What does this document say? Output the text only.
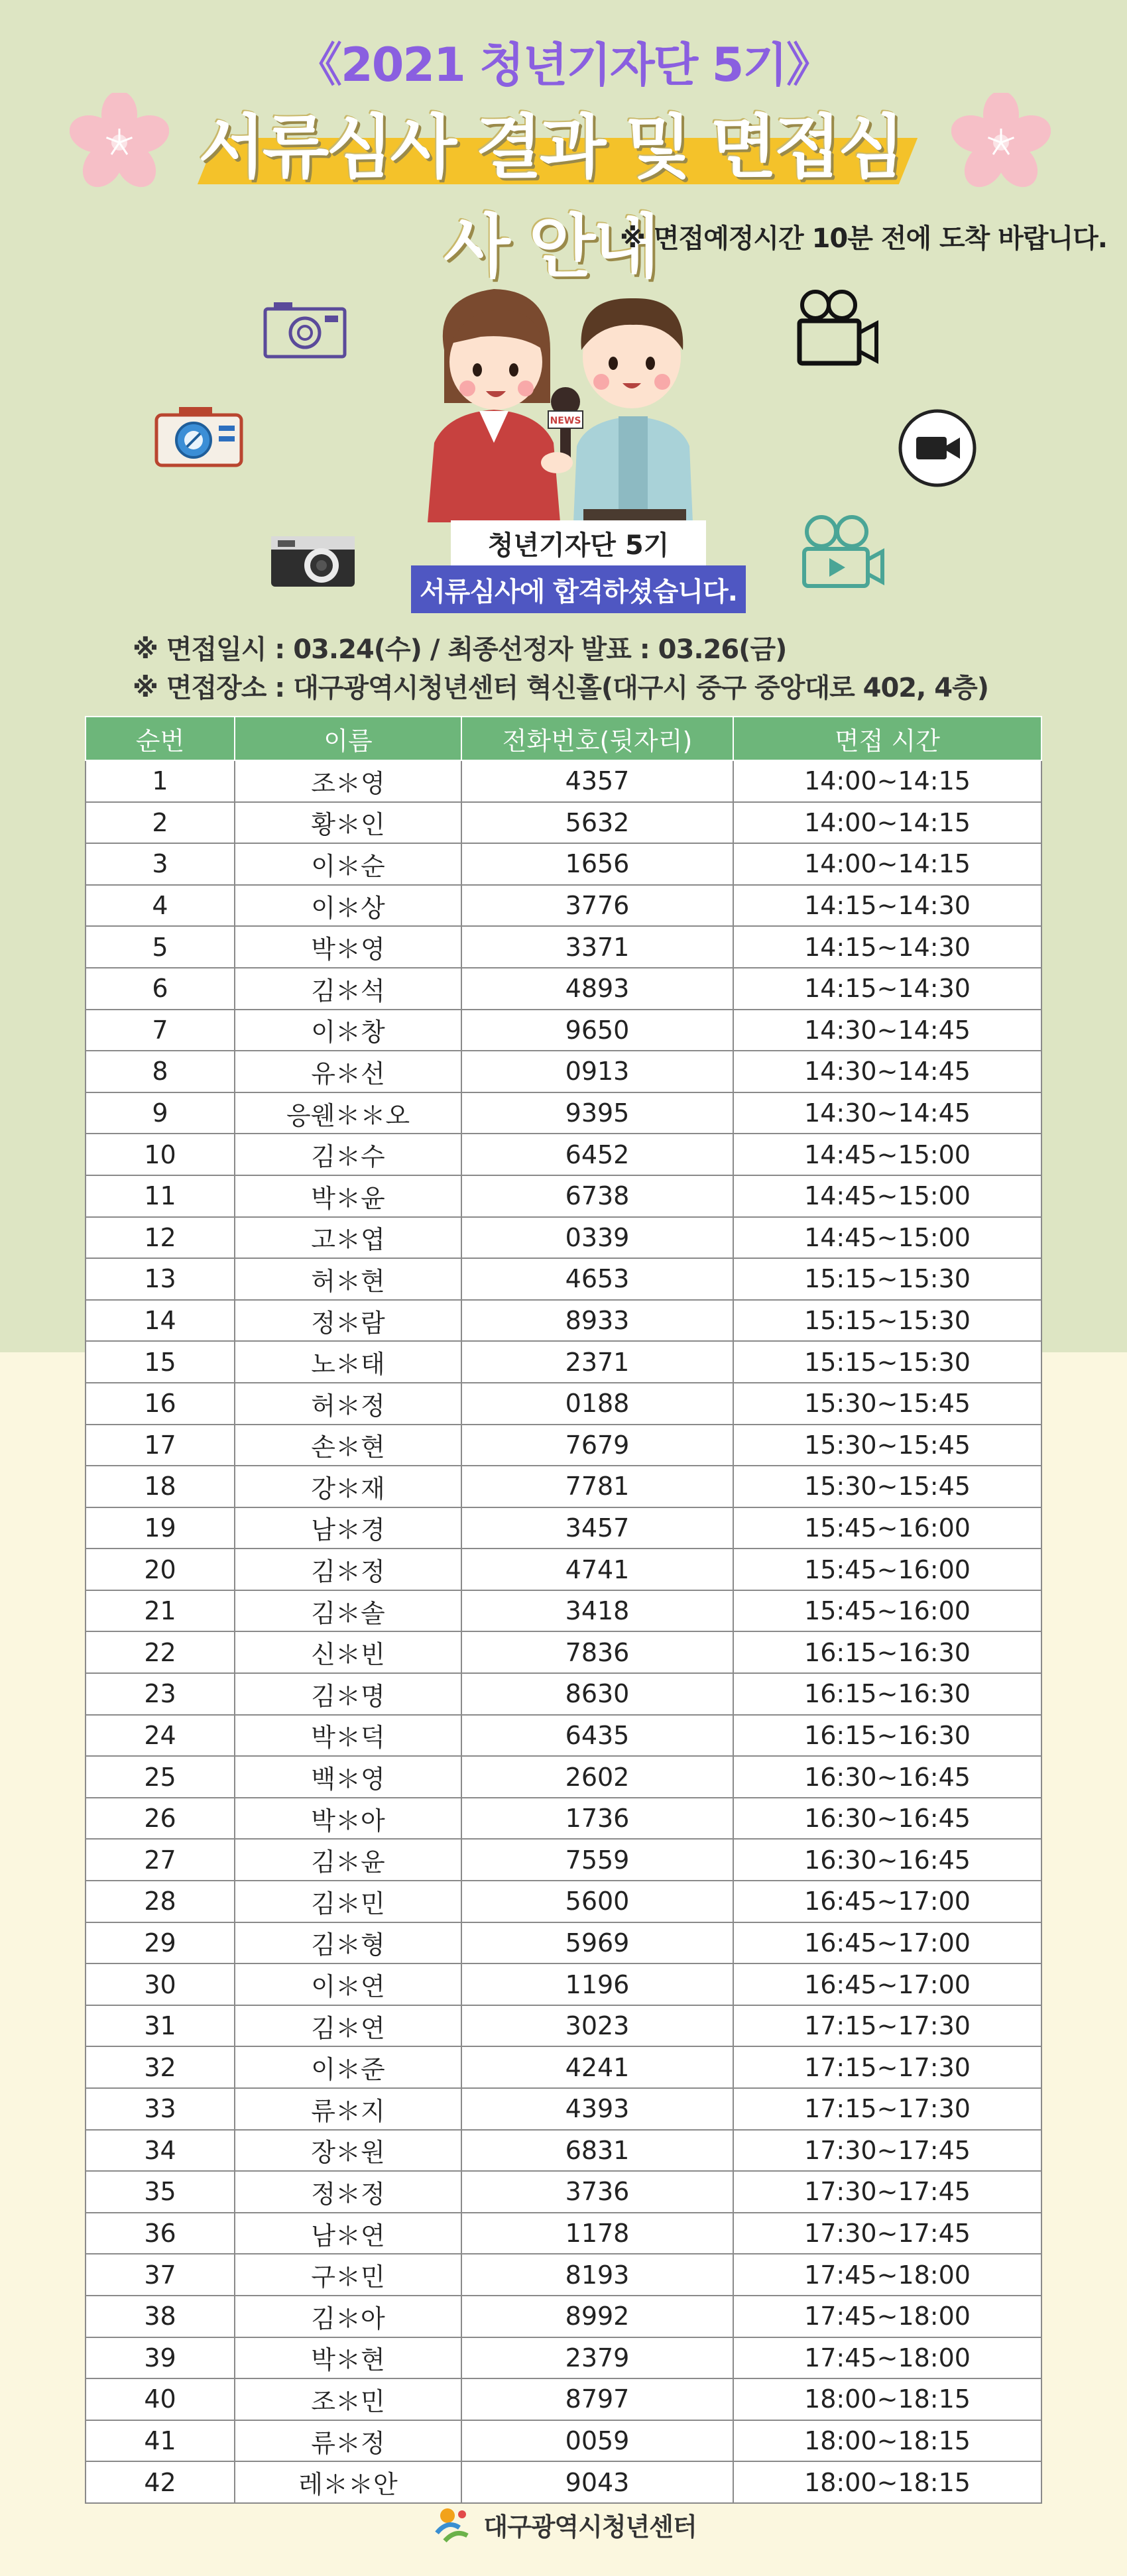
《2021 청년기자단 5기》
서류심사 결과 및 면접심사 안내
※ 면접예정시간 10분 전에 도착 바랍니다.
NEWS
청년기자단 5기
서류심사에 합격하셨습니다.
※ 면접일시 : 03.24(수) / 최종선정자 발표 : 03.26(금)
※ 면접장소 : 대구광역시청년센터 혁신홀(대구시 중구 중앙대로 402, 4층)
순번	이름	전화번호(뒷자리)	면접 시간
1	조＊영	4357	14:00~14:15
2	황＊인	5632	14:00~14:15
3	이＊순	1656	14:00~14:15
4	이＊상	3776	14:15~14:30
5	박＊영	3371	14:15~14:30
6	김＊석	4893	14:15~14:30
7	이＊창	9650	14:30~14:45
8	유＊선	0913	14:30~14:45
9	응웬＊＊오	9395	14:30~14:45
10	김＊수	6452	14:45~15:00
11	박＊윤	6738	14:45~15:00
12	고＊엽	0339	14:45~15:00
13	허＊현	4653	15:15~15:30
14	정＊람	8933	15:15~15:30
15	노＊태	2371	15:15~15:30
16	허＊정	0188	15:30~15:45
17	손＊현	7679	15:30~15:45
18	강＊재	7781	15:30~15:45
19	남＊경	3457	15:45~16:00
20	김＊정	4741	15:45~16:00
21	김＊솔	3418	15:45~16:00
22	신＊빈	7836	16:15~16:30
23	김＊명	8630	16:15~16:30
24	박＊덕	6435	16:15~16:30
25	백＊영	2602	16:30~16:45
26	박＊아	1736	16:30~16:45
27	김＊윤	7559	16:30~16:45
28	김＊민	5600	16:45~17:00
29	김＊형	5969	16:45~17:00
30	이＊연	1196	16:45~17:00
31	김＊연	3023	17:15~17:30
32	이＊준	4241	17:15~17:30
33	류＊지	4393	17:15~17:30
34	장＊원	6831	17:30~17:45
35	정＊정	3736	17:30~17:45
36	남＊연	1178	17:30~17:45
37	구＊민	8193	17:45~18:00
38	김＊아	8992	17:45~18:00
39	박＊현	2379	17:45~18:00
40	조＊민	8797	18:00~18:15
41	류＊정	0059	18:00~18:15
42	레＊＊안	9043	18:00~18:15
대구광역시청년센터
